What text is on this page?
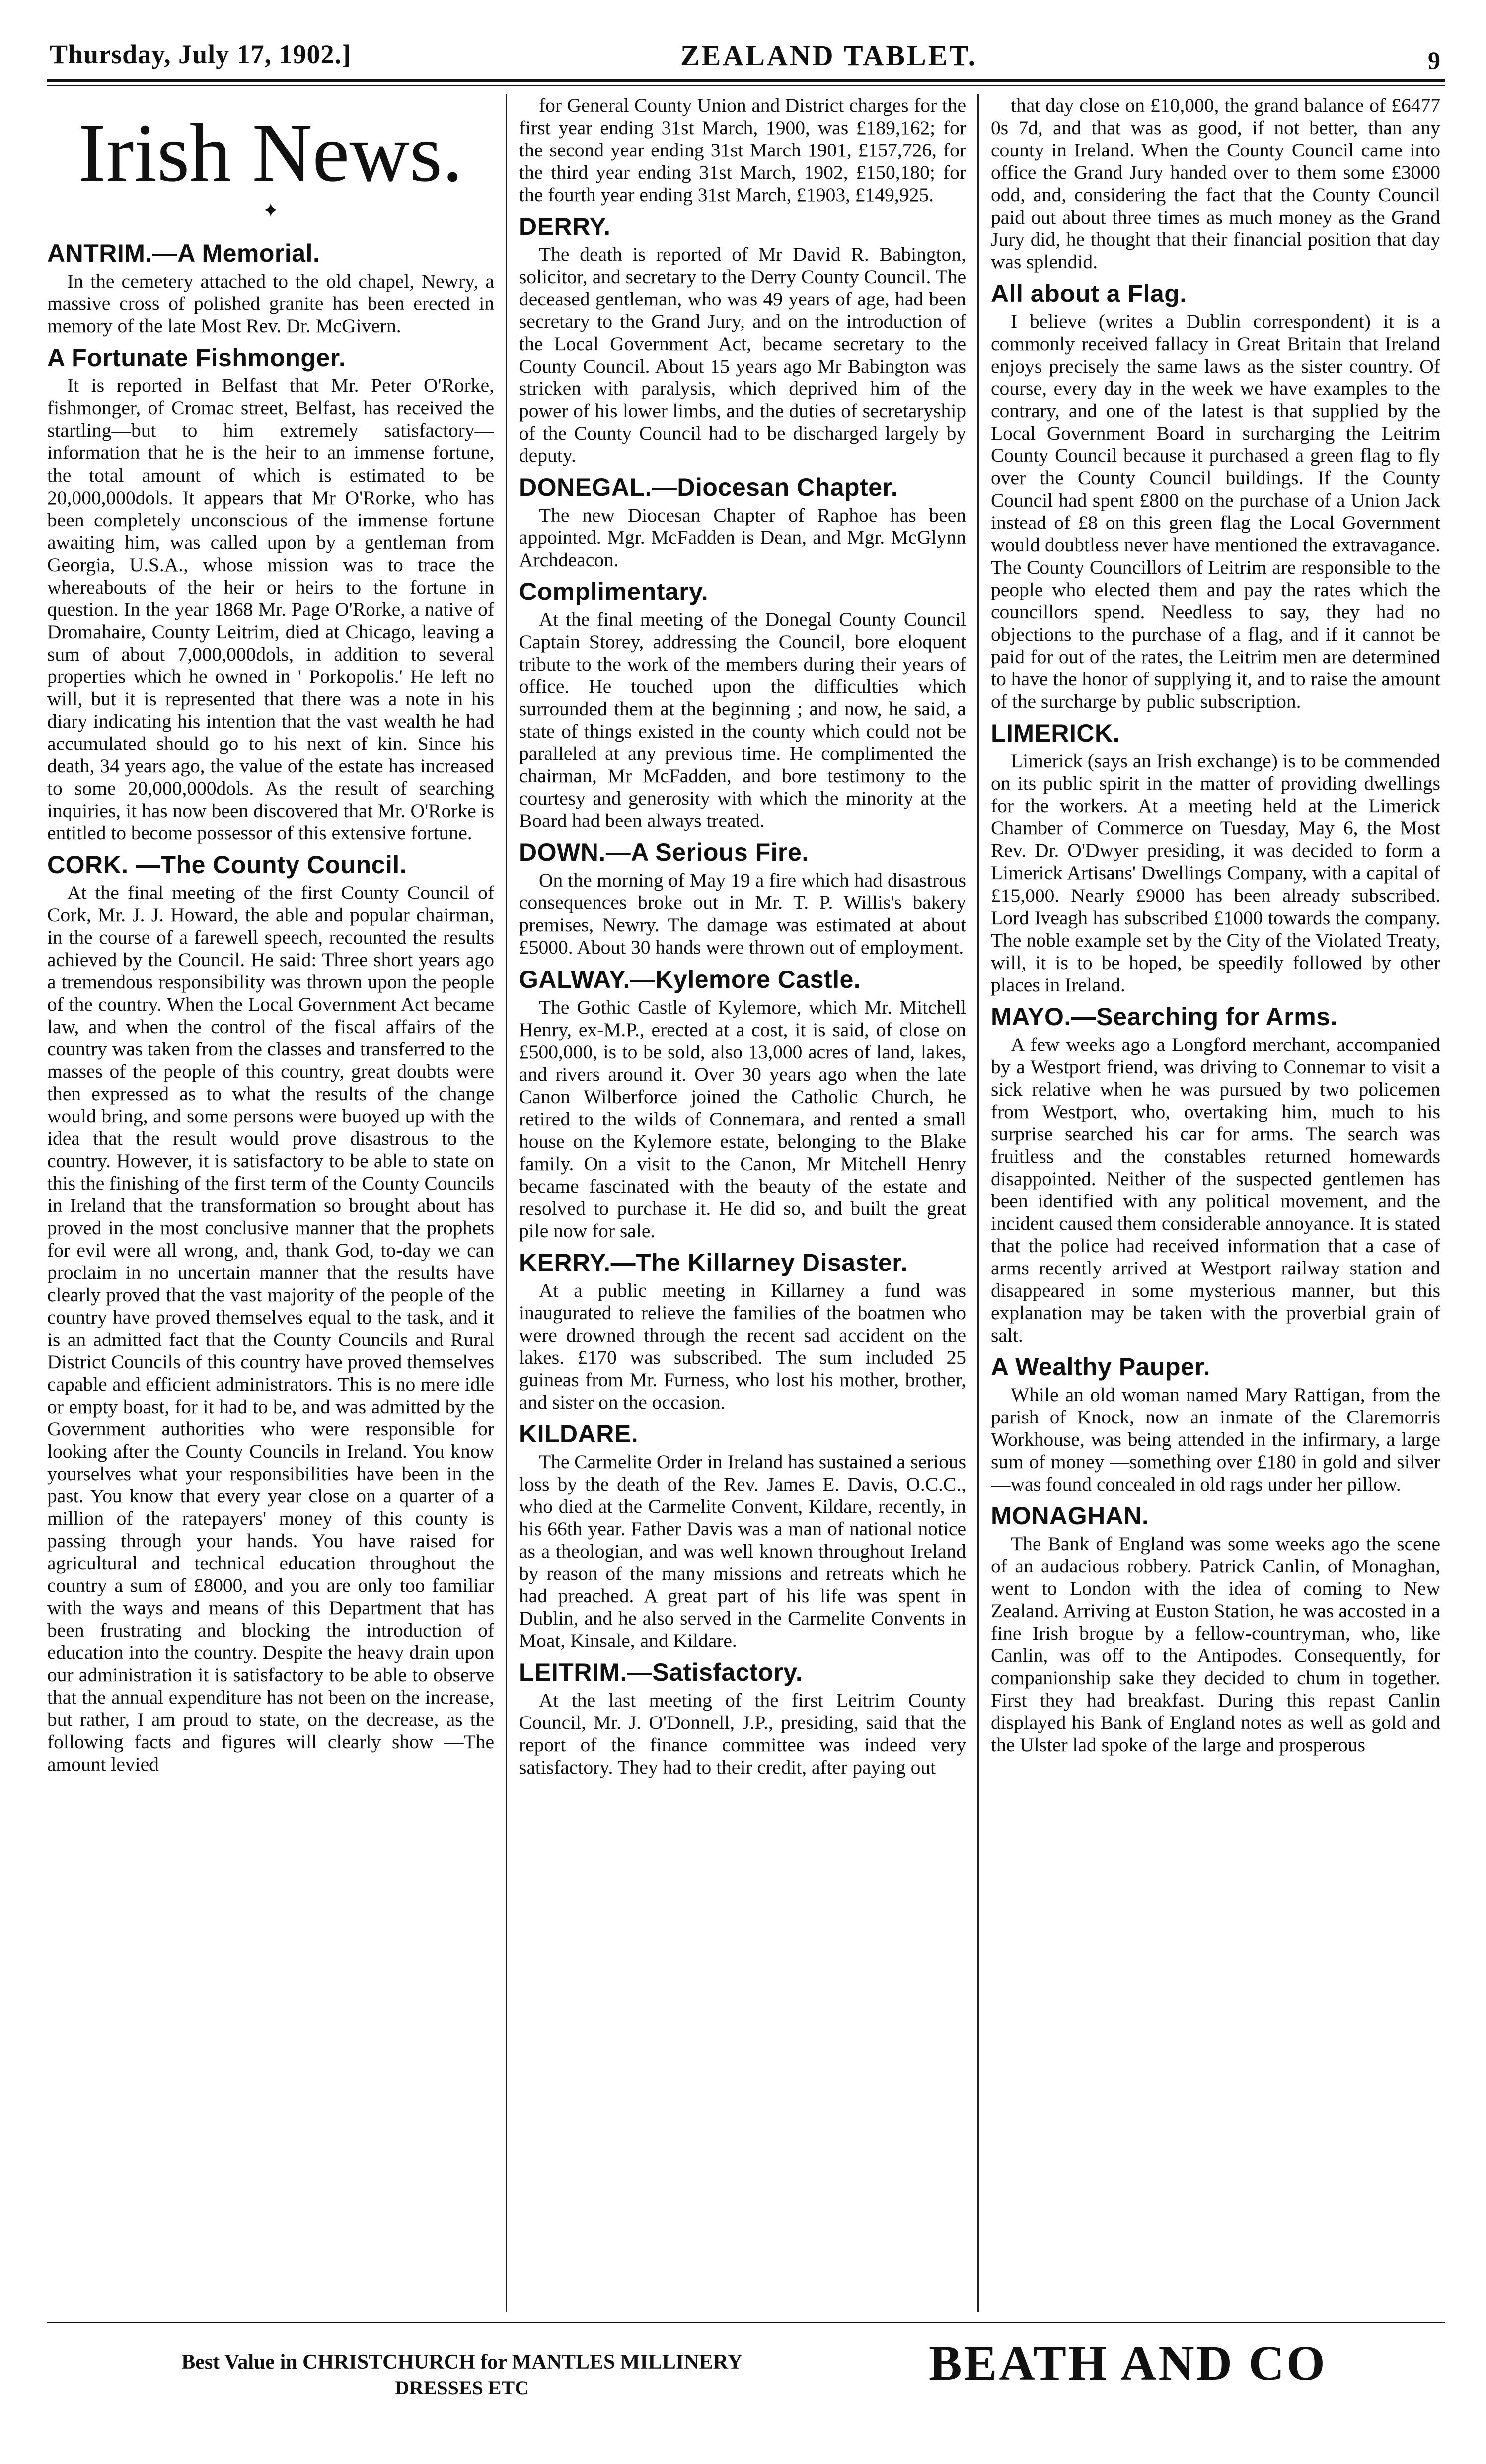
Thursday, July 17, 1902.]	ZEALAND TABLET.	9
Irish News.
✦
ANTRIM.—A Memorial.

In the cemetery attached to the old chapel, Newry, a massive cross of polished granite has been erected in memory of the late Most Rev. Dr. McGivern.

A Fortunate Fishmonger.

It is reported in Belfast that Mr. Peter O'Rorke, fishmonger, of Cromac street, Belfast, has received the startling—but to him extremely satisfactory—information that he is the heir to an immense fortune, the total amount of which is estimated to be 20,000,000dols. It appears that Mr O'Rorke, who has been completely unconscious of the immense fortune awaiting him, was called upon by a gentleman from Georgia, U.S.A., whose mission was to trace the whereabouts of the heir or heirs to the fortune in question. In the year 1868 Mr. Page O'Rorke, a native of Dromahaire, County Leitrim, died at Chicago, leaving a sum of about 7,000,000dols, in addition to several properties which he owned in ' Porkopolis.' He left no will, but it is represented that there was a note in his diary indicating his intention that the vast wealth he had accumulated should go to his next of kin. Since his death, 34 years ago, the value of the estate has increased to some 20,000,000dols. As the result of searching inquiries, it has now been discovered that Mr. O'Rorke is entitled to become possessor of this extensive fortune.

CORK. —The County Council.

At the final meeting of the first County Council of Cork, Mr. J. J. Howard, the able and popular chairman, in the course of a farewell speech, recounted the results achieved by the Council. He said: Three short years ago a tremendous responsibility was thrown upon the people of the country. When the Local Government Act became law, and when the control of the fiscal affairs of the country was taken from the classes and transferred to the masses of the people of this country, great doubts were then expressed as to what the results of the change would bring, and some persons were buoyed up with the idea that the result would prove disastrous to the country. However, it is satisfactory to be able to state on this the finishing of the first term of the County Councils in Ireland that the transformation so brought about has proved in the most conclusive manner that the prophets for evil were all wrong, and, thank God, to-day we can proclaim in no uncertain manner that the results have clearly proved that the vast majority of the people of the country have proved themselves equal to the task, and it is an admitted fact that the County Councils and Rural District Councils of this country have proved themselves capable and efficient administrators. This is no mere idle or empty boast, for it had to be, and was admitted by the Government authorities who were responsible for looking after the County Councils in Ireland. You know yourselves what your responsibilities have been in the past. You know that every year close on a quarter of a million of the ratepayers' money of this county is passing through your hands. You have raised for agricultural and technical education throughout the country a sum of £8000, and you are only too familiar with the ways and means of this Department that has been frustrating and blocking the introduction of education into the country. Despite the heavy drain upon our administration it is satisfactory to be able to observe that the annual expenditure has not been on the increase, but rather, I am proud to state, on the decrease, as the following facts and figures will clearly show —The amount levied

for General County Union and District charges for the first year ending 31st March, 1900, was £189,162; for the second year ending 31st March 1901, £157,726, for the third year ending 31st March, 1902, £150,180; for the fourth year ending 31st March, £1903, £149,925.

DERRY.

The death is reported of Mr David R. Babington, solicitor, and secretary to the Derry County Council. The deceased gentleman, who was 49 years of age, had been secretary to the Grand Jury, and on the introduction of the Local Government Act, became secretary to the County Council. About 15 years ago Mr Babington was stricken with paralysis, which deprived him of the power of his lower limbs, and the duties of secretaryship of the County Council had to be discharged largely by deputy.

DONEGAL.—Diocesan Chapter.

The new Diocesan Chapter of Raphoe has been appointed. Mgr. McFadden is Dean, and Mgr. McGlynn Archdeacon.

Complimentary.

At the final meeting of the Donegal County Council Captain Storey, addressing the Council, bore eloquent tribute to the work of the members during their years of office. He touched upon the difficulties which surrounded them at the beginning ; and now, he said, a state of things existed in the county which could not be paralleled at any previous time. He complimented the chairman, Mr McFadden, and bore testimony to the courtesy and generosity with which the minority at the Board had been always treated.

DOWN.—A Serious Fire.

On the morning of May 19 a fire which had disastrous consequences broke out in Mr. T. P. Willis's bakery premises, Newry. The damage was estimated at about £5000. About 30 hands were thrown out of employment.

GALWAY.—Kylemore Castle.

The Gothic Castle of Kylemore, which Mr. Mitchell Henry, ex-M.P., erected at a cost, it is said, of close on £500,000, is to be sold, also 13,000 acres of land, lakes, and rivers around it. Over 30 years ago when the late Canon Wilberforce joined the Catholic Church, he retired to the wilds of Connemara, and rented a small house on the Kylemore estate, belonging to the Blake family. On a visit to the Canon, Mr Mitchell Henry became fascinated with the beauty of the estate and resolved to purchase it. He did so, and built the great pile now for sale.

KERRY.—The Killarney Disaster.

At a public meeting in Killarney a fund was inaugurated to relieve the families of the boatmen who were drowned through the recent sad accident on the lakes. £170 was subscribed. The sum included 25 guineas from Mr. Furness, who lost his mother, brother, and sister on the occasion.

KILDARE.

The Carmelite Order in Ireland has sustained a serious loss by the death of the Rev. James E. Davis, O.C.C., who died at the Carmelite Convent, Kildare, recently, in his 66th year. Father Davis was a man of national notice as a theologian, and was well known throughout Ireland by reason of the many missions and retreats which he had preached. A great part of his life was spent in Dublin, and he also served in the Carmelite Convents in Moat, Kinsale, and Kildare.

LEITRIM.—Satisfactory.

At the last meeting of the first Leitrim County Council, Mr. J. O'Donnell, J.P., presiding, said that the report of the finance committee was indeed very satisfactory. They had to their credit, after paying out

that day close on £10,000, the grand balance of £6477 0s 7d, and that was as good, if not better, than any county in Ireland. When the County Council came into office the Grand Jury handed over to them some £3000 odd, and, considering the fact that the County Council paid out about three times as much money as the Grand Jury did, he thought that their financial position that day was splendid.

All about a Flag.

I believe (writes a Dublin correspondent) it is a commonly received fallacy in Great Britain that Ireland enjoys precisely the same laws as the sister country. Of course, every day in the week we have examples to the contrary, and one of the latest is that supplied by the Local Government Board in surcharging the Leitrim County Council because it purchased a green flag to fly over the County Council buildings. If the County Council had spent £800 on the purchase of a Union Jack instead of £8 on this green flag the Local Government would doubtless never have mentioned the extravagance. The County Councillors of Leitrim are responsible to the people who elected them and pay the rates which the councillors spend. Needless to say, they had no objections to the purchase of a flag, and if it cannot be paid for out of the rates, the Leitrim men are determined to have the honor of supplying it, and to raise the amount of the surcharge by public subscription.

LIMERICK.

Limerick (says an Irish exchange) is to be commended on its public spirit in the matter of providing dwellings for the workers. At a meeting held at the Limerick Chamber of Commerce on Tuesday, May 6, the Most Rev. Dr. O'Dwyer presiding, it was decided to form a Limerick Artisans' Dwellings Company, with a capital of £15,000. Nearly £9000 has been already subscribed. Lord Iveagh has subscribed £1000 towards the company. The noble example set by the City of the Violated Treaty, will, it is to be hoped, be speedily followed by other places in Ireland.

MAYO.—Searching for Arms.

A few weeks ago a Longford merchant, accompanied by a Westport friend, was driving to Connemar to visit a sick relative when he was pursued by two policemen from Westport, who, overtaking him, much to his surprise searched his car for arms. The search was fruitless and the constables returned homewards disappointed. Neither of the suspected gentlemen has been identified with any political movement, and the incident caused them considerable annoyance. It is stated that the police had received information that a case of arms recently arrived at Westport railway station and disappeared in some mysterious manner, but this explanation may be taken with the proverbial grain of salt.

A Wealthy Pauper.

While an old woman named Mary Rattigan, from the parish of Knock, now an inmate of the Claremorris Workhouse, was being attended in the infirmary, a large sum of money —something over £180 in gold and silver—was found concealed in old rags under her pillow.

MONAGHAN.

The Bank of England was some weeks ago the scene of an audacious robbery. Patrick Canlin, of Monaghan, went to London with the idea of coming to New Zealand. Arriving at Euston Station, he was accosted in a fine Irish brogue by a fellow-countryman, who, like Canlin, was off to the Antipodes. Consequently, for companionship sake they decided to chum in together. First they had breakfast. During this repast Canlin displayed his Bank of England notes as well as gold and the Ulster lad spoke of the large and prosperous

Best Value in CHRISTCHURCH for MANTLES MILLINERY
DRESSES ETC	BEATH AND CO
